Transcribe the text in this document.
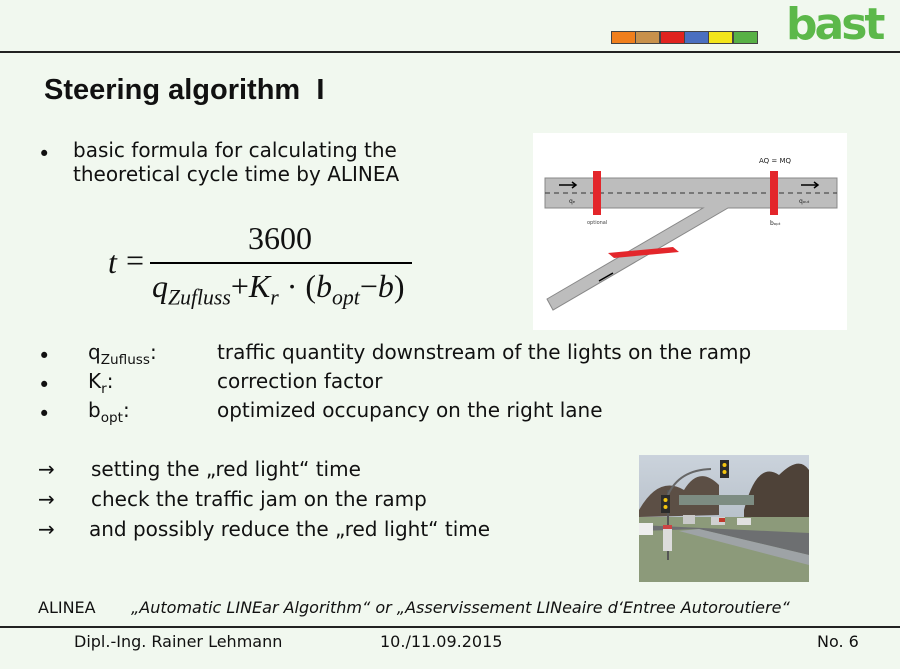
bast
Steering algorithm  I
• basic formula for calculating the
theoretical cycle time by ALINEA
t =
3600
$q_{Zufluss}+K_r \cdot (b_{opt}-b)$
AQ = MQ
qₑ
optional	bₒₚₜ
qₒᵤₜ
• $q_{Zufluss}$:	traffic quantity downstream of the lights on the ramp
• $K_r$:	correction factor
• $b_{opt}$:	optimized occupancy on the right lane
→ setting the „red light“ time
→ check the traffic jam on the ramp
→ and possibly reduce the „red light“ time
ALINEA „Automatic LINEar Algorithm“ or „Asservissement LINeaire d‘Entree Autoroutiere“
Dipl.-Ing. Rainer Lehmann	10./11.09.2015	No. 6
